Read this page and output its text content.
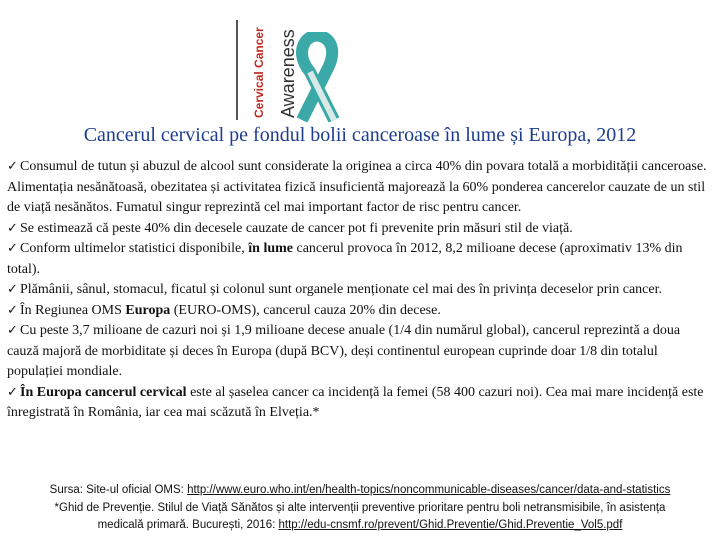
Cervical Cancer Awareness
Cancerul cervical pe fondul bolii canceroase în lume și Europa, 2012

✓ Consumul de tutun și abuzul de alcool sunt considerate la originea a circa 40% din povara totală a morbidității canceroase. Alimentația nesănătoasă, obezitatea și activitatea fizică insuficientă majorează la 60% ponderea cancerelor cauzate de un stil de viață nesănătos. Fumatul singur reprezintă cel mai important factor de risc pentru cancer.

✓ Se estimează că peste 40% din decesele cauzate de cancer pot fi prevenite prin măsuri stil de viață.

✓ Conform ultimelor statistici disponibile, în lume cancerul provoca în 2012, 8,2 milioane decese (aproximativ 13% din total).

✓ Plămânii, sânul, stomacul, ficatul și colonul sunt organele menționate cel mai des în privința deceselor prin cancer.

✓ În Regiunea OMS Europa (EURO-OMS), cancerul cauza 20% din decese.

✓ Cu peste 3,7 milioane de cazuri noi și 1,9 milioane decese anuale (1/4 din numărul global), cancerul reprezintă a doua cauză majoră de morbiditate și deces în Europa (după BCV), deși continentul european cuprinde doar 1/8 din totalul populației mondiale.

✓ În Europa cancerul cervical este al șaselea cancer ca incidență la femei (58 400 cazuri noi). Cea mai mare incidență este înregistrată în România, iar cea mai scăzută în Elveția.*

Sursa: Site-ul oficial OMS: http://www.euro.who.int/en/health-topics/noncommunicable-diseases/cancer/data-and-statistics
*Ghid de Prevenție. Stilul de Viață Sănătos și alte intervenții preventive prioritare pentru boli netransmisibile, în asistența
medicală primară. București, 2016: http://edu-cnsmf.ro/prevent/Ghid.Preventie/Ghid.Preventie_Vol5.pdf
